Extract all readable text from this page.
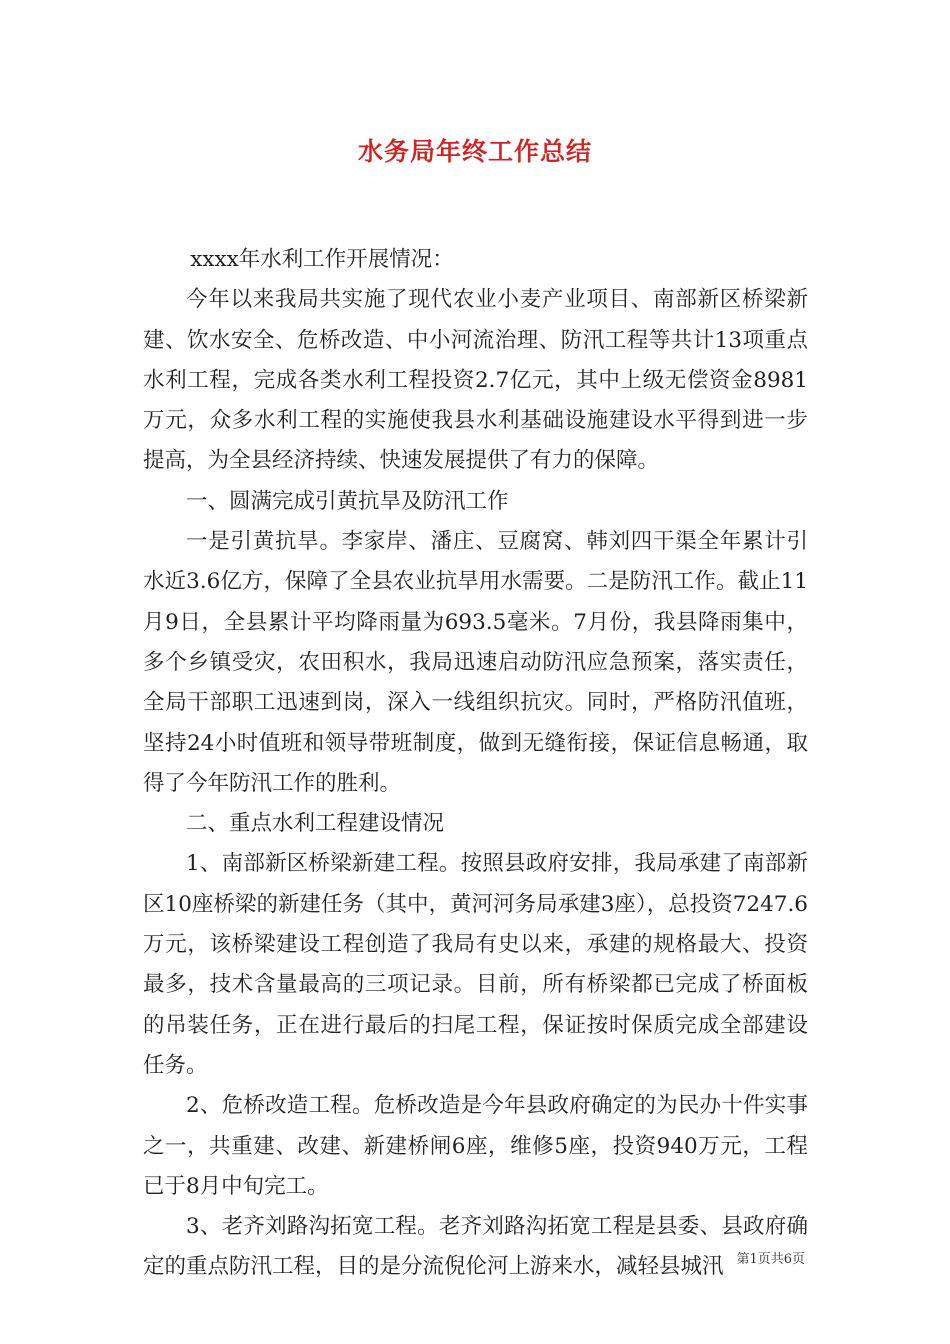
水务局年终工作总结

xxxx年水利工作开展情况：

今年以来我局共实施了现代农业小麦产业项目、南部新区桥梁新建、饮水安全、危桥改造、中小河流治理、防汛工程等共计13项重点水利工程，完成各类水利工程投资2.7亿元，其中上级无偿资金8981万元，众多水利工程的实施使我县水利基础设施建设水平得到进一步提高，为全县经济持续、快速发展提供了有力的保障。

一、圆满完成引黄抗旱及防汛工作

一是引黄抗旱。李家岸、潘庄、豆腐窝、韩刘四干渠全年累计引水近3.6亿方，保障了全县农业抗旱用水需要。二是防汛工作。截止11月9日，全县累计平均降雨量为693.5毫米。7月份，我县降雨集中，多个乡镇受灾，农田积水，我局迅速启动防汛应急预案，落实责任，全局干部职工迅速到岗，深入一线组织抗灾。同时，严格防汛值班，坚持24小时值班和领导带班制度，做到无缝衔接，保证信息畅通，取得了今年防汛工作的胜利。

二、重点水利工程建设情况

1、南部新区桥梁新建工程。按照县政府安排，我局承建了南部新区10座桥梁的新建任务（其中，黄河河务局承建3座），总投资7247.6万元，该桥梁建设工程创造了我局有史以来，承建的规格最大、投资最多，技术含量最高的三项记录。目前，所有桥梁都已完成了桥面板的吊装任务，正在进行最后的扫尾工程，保证按时保质完成全部建设任务。

2、危桥改造工程。危桥改造是今年县政府确定的为民办十件实事之一，共重建、改建、新建桥闸6座，维修5座，投资940万元，工程已于8月中旬完工。

3、老齐刘路沟拓宽工程。老齐刘路沟拓宽工程是县委、县政府确定的重点防汛工程，目的是分流倪伦河上游来水，减轻县城汛 第1页共6页
